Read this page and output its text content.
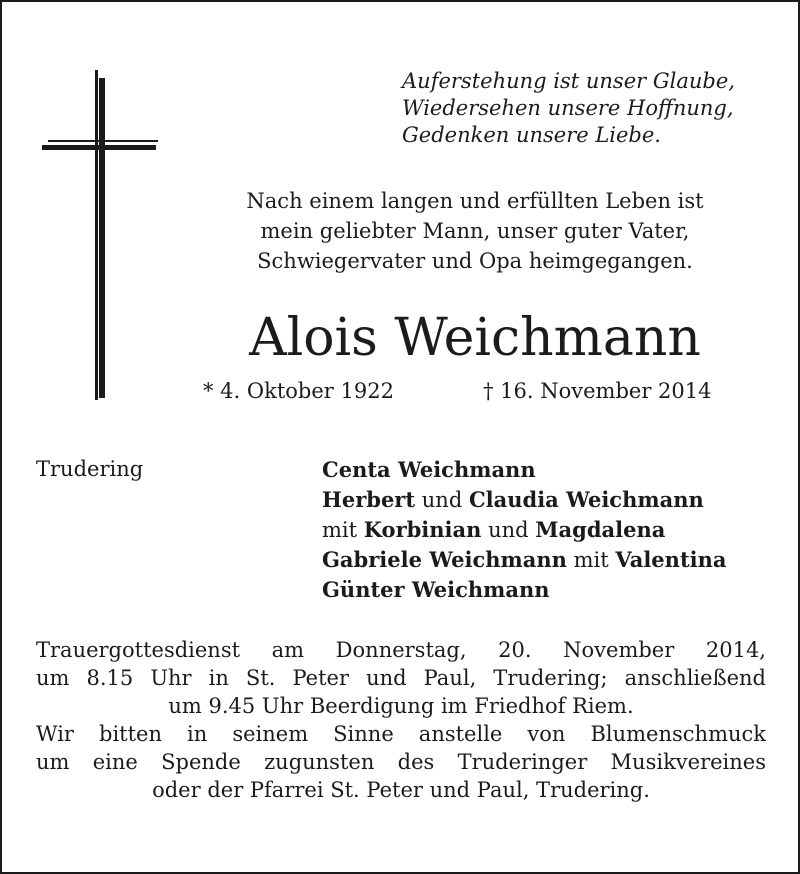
Auferstehung ist unser Glaube,
Wiedersehen unsere Hoffnung,
Gedenken unsere Liebe.
Nach einem langen und erfüllten Leben ist
mein geliebter Mann, unser guter Vater,
Schwiegervater und Opa heimgegangen.
Alois Weichmann
* 4. Oktober 1922	† 16. November 2014
Trudering	Centa Weichmann
Herbert und Claudia Weichmann
mit Korbinian und Magdalena
Gabriele Weichmann mit Valentina
Günter Weichmann
Trauergottesdienst am Donnerstag, 20. November 2014,
um 8.15 Uhr in St. Peter und Paul, Trudering; anschließend
um 9.45 Uhr Beerdigung im Friedhof Riem.
Wir bitten in seinem Sinne anstelle von Blumenschmuck
um eine Spende zugunsten des Truderinger Musikvereines
oder der Pfarrei St. Peter und Paul, Trudering.
